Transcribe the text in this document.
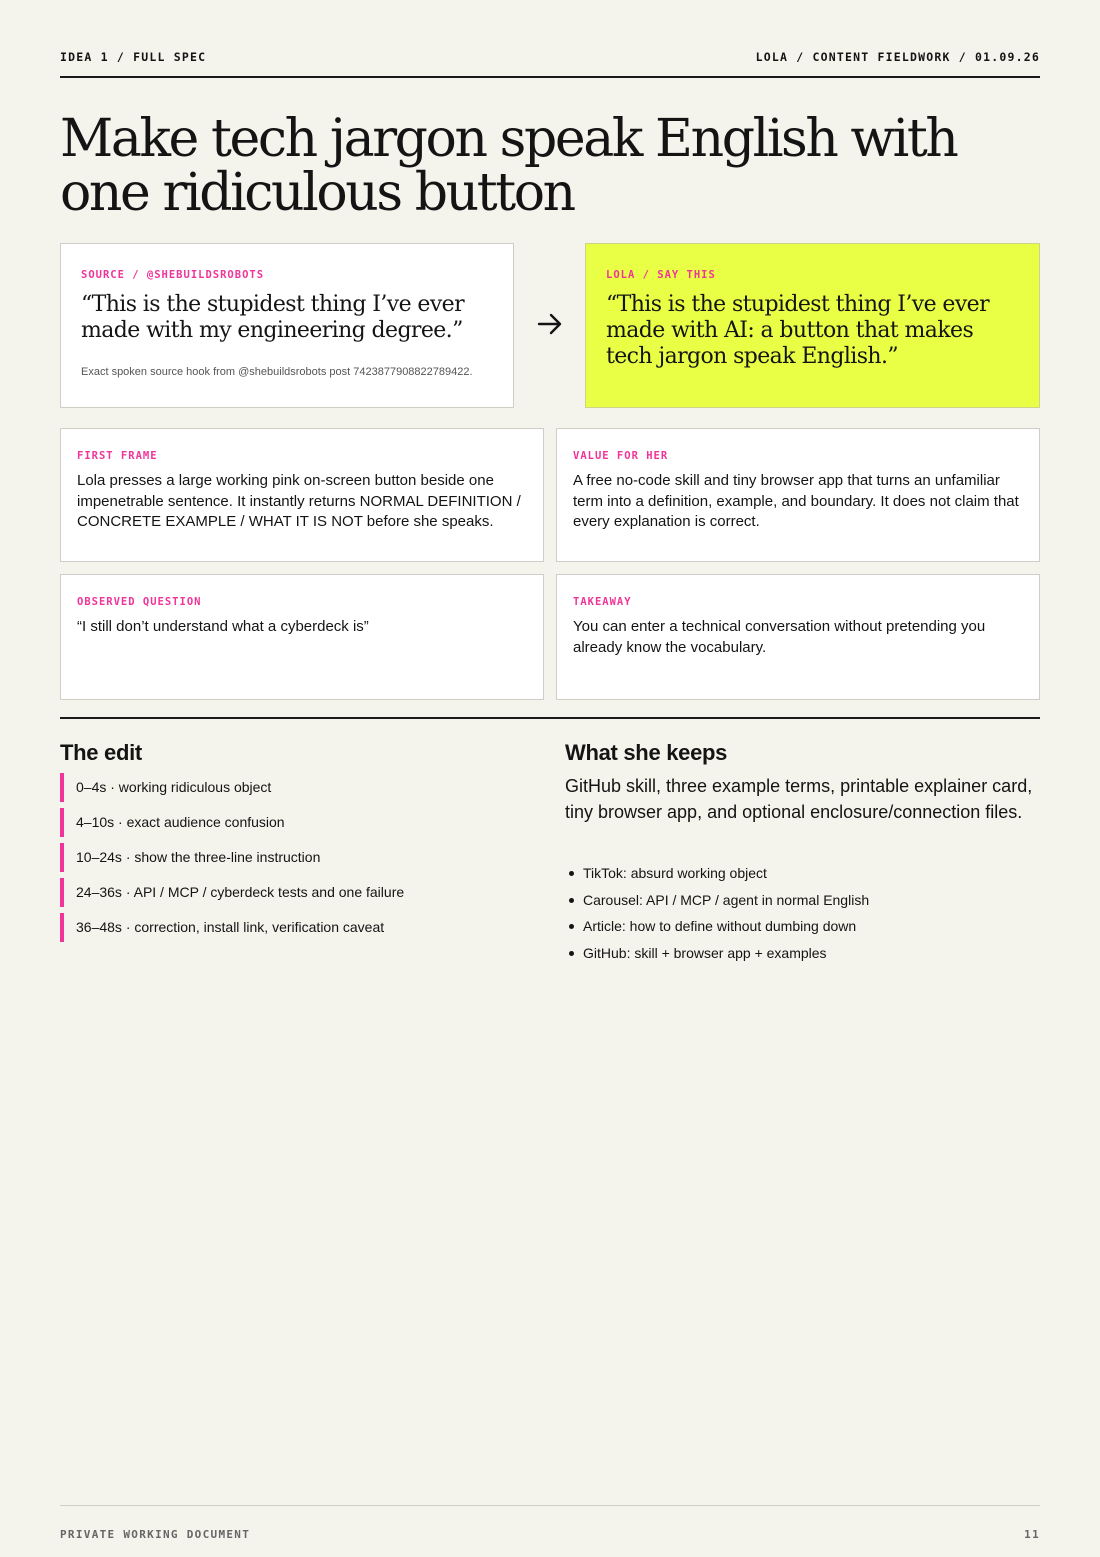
IDEA 1 / FULL SPEC	LOLA / CONTENT FIELDWORK / 01.09.26
Make tech jargon speak English with one ridiculous button
SOURCE / @SHEBUILDSROBOTS
“This is the stupidest thing I’ve ever made with my engineering degree.”
Exact spoken source hook from @shebuildsrobots post 7423877908822789422.
LOLA / SAY THIS
“This is the stupidest thing I’ve ever made with AI: a button that makes tech jargon speak English.”
FIRST FRAME
Lola presses a large working pink on-screen button beside one impenetrable sentence. It instantly returns NORMAL DEFINITION / CONCRETE EXAMPLE / WHAT IT IS NOT before she speaks.
VALUE FOR HER
A free no-code skill and tiny browser app that turns an unfamiliar term into a definition, example, and boundary. It does not claim that every explanation is correct.
OBSERVED QUESTION
“I still don’t understand what a cyberdeck is”
TAKEAWAY
You can enter a technical conversation without pretending you already know the vocabulary.
The edit
0–4s · working ridiculous object
4–10s · exact audience confusion
10–24s · show the three-line instruction
24–36s · API / MCP / cyberdeck tests and one failure
36–48s · correction, install link, verification caveat
What she keeps

GitHub skill, three example terms, printable explainer card, tiny browser app, and optional enclosure/connection files.

TikTok: absurd working object
Carousel: API / MCP / agent in normal English
Article: how to define without dumbing down
GitHub: skill + browser app + examples
PRIVATE WORKING DOCUMENT	11
